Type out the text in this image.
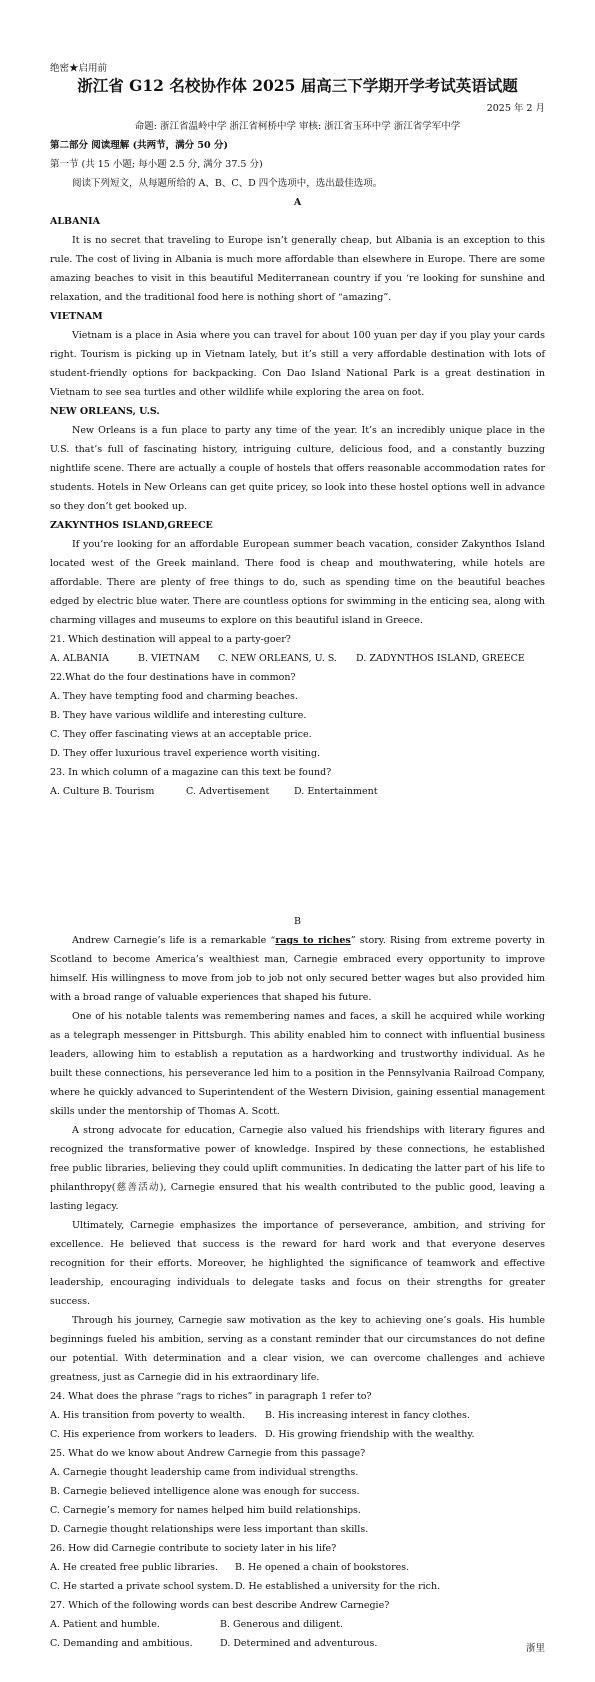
绝密★启用前
浙江省 G12 名校协作体 2025 届高三下学期开学考试英语试题
2025 年 2 月
命题: 浙江省温岭中学 浙江省柯桥中学 审核: 浙江省玉环中学 浙江省学军中学

第二部分 阅读理解 (共两节，满分 50 分)

第一节 (共 15 小题; 每小题 2.5 分, 满分 37.5 分)

阅读下列短文，从每题所给的 A、B、C、D 四个选项中，选出最佳选项。

A

ALBANIA

It is no secret that traveling to Europe isn’t generally cheap, but Albania is an exception to this rule. The cost of living in Albania is much more affordable than elsewhere in Europe. There are some amazing beaches to visit in this beautiful Mediterranean country if you ‘re looking for sunshine and relaxation, and the traditional food here is nothing short of “amazing”.

VIETNAM

Vietnam is a place in Asia where you can travel for about 100 yuan per day if you play your cards right. Tourism is picking up in Vietnam lately, but it’s still a very affordable destination with lots of student-friendly options for backpacking. Con Dao Island National Park is a great destination in Vietnam to see sea turtles and other wildlife while exploring the area on foot.

NEW ORLEANS, U.S.

New Orleans is a fun place to party any time of the year. It’s an incredibly unique place in the U.S. that’s full of fascinating history, intriguing culture, delicious food, and a constantly buzzing nightlife scene. There are actually a couple of hostels that offers reasonable accommodation rates for students. Hotels in New Orleans can get quite pricey, so look into these hostel options well in advance so they don’t get booked up.

ZAKYNTHOS ISLAND,GREECE

If you’re looking for an affordable European summer beach vacation, consider Zakynthos Island located west of the Greek mainland. There food is cheap and mouthwatering, while hotels are affordable. There are plenty of free things to do, such as spending time on the beautiful beaches edged by electric blue water. There are countless options for swimming in the enticing sea, along with charming villages and museums to explore on this beautiful island in Greece.

21. Which destination will appeal to a party-goer?

A. ALBANIA	B. VIETNAM	C. NEW ORLEANS, U. S.	D. ZADYNTHOS ISLAND, GREECE

22.What do the four destinations have in common?

A. They have tempting food and charming beaches.

B. They have various wildlife and interesting culture.

C. They offer fascinating views at an acceptable price.

D. They offer luxurious travel experience worth visiting.

23. In which column of a magazine can this text be found?

A. Culture B. Tourism	C. Advertisement	D. Entertainment

B

Andrew Carnegie’s life is a remarkable “rags to riches” story. Rising from extreme poverty in Scotland to become America’s wealthiest man, Carnegie embraced every opportunity to improve himself. His willingness to move from job to job not only secured better wages but also provided him with a broad range of valuable experiences that shaped his future.

One of his notable talents was remembering names and faces, a skill he acquired while working as a telegraph messenger in Pittsburgh. This ability enabled him to connect with influential business leaders, allowing him to establish a reputation as a hardworking and trustworthy individual. As he built these connections, his perseverance led him to a position in the Pennsylvania Railroad Company, where he quickly advanced to Superintendent of the Western Division, gaining essential management skills under the mentorship of Thomas A. Scott.

A strong advocate for education, Carnegie also valued his friendships with literary figures and recognized the transformative power of knowledge. Inspired by these connections, he established free public libraries, believing they could uplift communities. In dedicating the latter part of his life to philanthropy(慈善活动), Carnegie ensured that his wealth contributed to the public good, leaving a lasting legacy.

Ultimately, Carnegie emphasizes the importance of perseverance, ambition, and striving for excellence. He believed that success is the reward for hard work and that everyone deserves recognition for their efforts. Moreover, he highlighted the significance of teamwork and effective leadership, encouraging individuals to delegate tasks and focus on their strengths for greater success.

Through his journey, Carnegie saw motivation as the key to achieving one’s goals. His humble beginnings fueled his ambition, serving as a constant reminder that our circumstances do not define our potential. With determination and a clear vision, we can overcome challenges and achieve greatness, just as Carnegie did in his extraordinary life.

24. What does the phrase “rags to riches” in paragraph 1 refer to?

A. His transition from poverty to wealth.	B. His increasing interest in fancy clothes.
C. His experience from workers to leaders. D. His growing friendship with the wealthy.

25. What do we know about Andrew Carnegie from this passage?

A. Carnegie thought leadership came from individual strengths.

B. Carnegie believed intelligence alone was enough for success.

C. Carnegie’s memory for names helped him build relationships.

D. Carnegie thought relationships were less important than skills.

26. How did Carnegie contribute to society later in his life?

A. He created free public libraries.	B. He opened a chain of bookstores.
C. He started a private school system. D. He established a university for the rich.

27. Which of the following words can best describe Andrew Carnegie?

A. Patient and humble.	B. Generous and diligent.
C. Demanding and ambitious.	D. Determined and adventurous.	浙里
